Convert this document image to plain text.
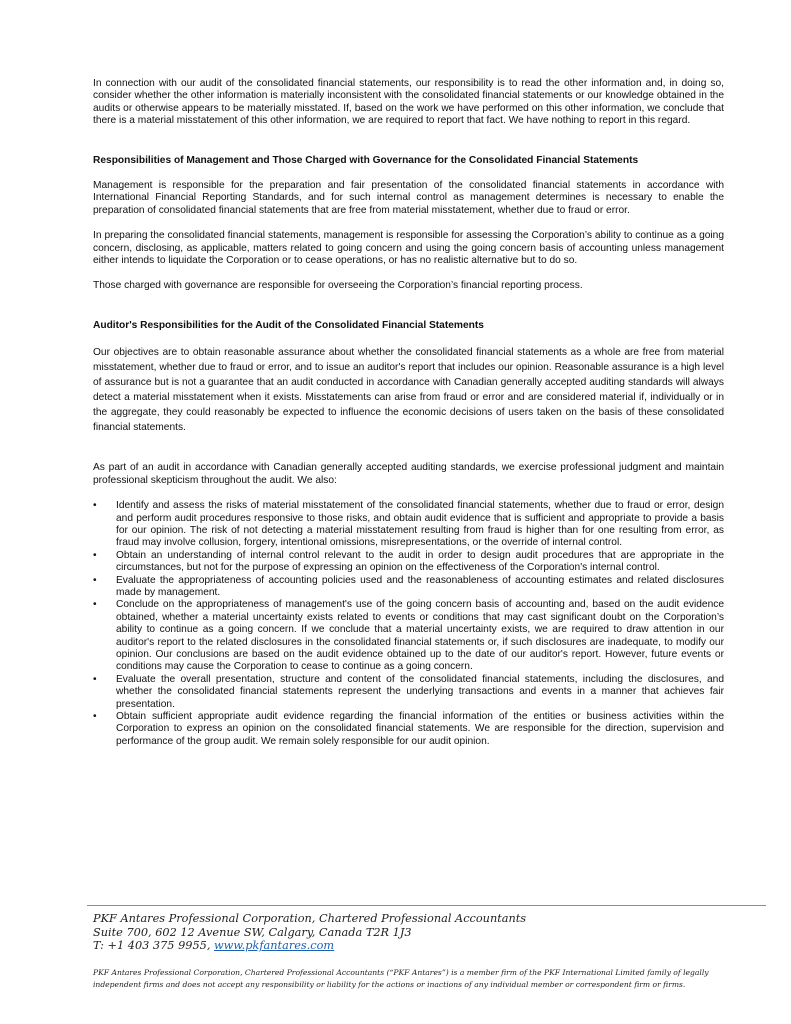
In connection with our audit of the consolidated financial statements, our responsibility is to read the other information and, in doing so, consider whether the other information is materially inconsistent with the consolidated financial statements or our knowledge obtained in the audits or otherwise appears to be materially misstated. If, based on the work we have performed on this other information, we conclude that there is a material misstatement of this other information, we are required to report that fact. We have nothing to report in this regard.

Responsibilities of Management and Those Charged with Governance for the Consolidated Financial Statements

Management is responsible for the preparation and fair presentation of the consolidated financial statements in accordance with International Financial Reporting Standards, and for such internal control as management determines is necessary to enable the preparation of consolidated financial statements that are free from material misstatement, whether due to fraud or error.

In preparing the consolidated financial statements, management is responsible for assessing the Corporation’s ability to continue as a going concern, disclosing, as applicable, matters related to going concern and using the going concern basis of accounting unless management either intends to liquidate the Corporation or to cease operations, or has no realistic alternative but to do so.

Those charged with governance are responsible for overseeing the Corporation’s financial reporting process.

Auditor's Responsibilities for the Audit of the Consolidated Financial Statements

Our objectives are to obtain reasonable assurance about whether the consolidated financial statements as a whole are free from material misstatement, whether due to fraud or error, and to issue an auditor's report that includes our opinion. Reasonable assurance is a high level of assurance but is not a guarantee that an audit conducted in accordance with Canadian generally accepted auditing standards will always detect a material misstatement when it exists. Misstatements can arise from fraud or error and are considered material if, individually or in the aggregate, they could reasonably be expected to influence the economic decisions of users taken on the basis of these consolidated financial statements.

As part of an audit in accordance with Canadian generally accepted auditing standards, we exercise professional judgment and maintain professional skepticism throughout the audit. We also:

• Identify and assess the risks of material misstatement of the consolidated financial statements, whether due to fraud or error, design and perform audit procedures responsive to those risks, and obtain audit evidence that is sufficient and appropriate to provide a basis for our opinion. The risk of not detecting a material misstatement resulting from fraud is higher than for one resulting from error, as fraud may involve collusion, forgery, intentional omissions, misrepresentations, or the override of internal control.
• Obtain an understanding of internal control relevant to the audit in order to design audit procedures that are appropriate in the circumstances, but not for the purpose of expressing an opinion on the effectiveness of the Corporation's internal control.
• Evaluate the appropriateness of accounting policies used and the reasonableness of accounting estimates and related disclosures made by management.
• Conclude on the appropriateness of management's use of the going concern basis of accounting and, based on the audit evidence obtained, whether a material uncertainty exists related to events or conditions that may cast significant doubt on the Corporation’s ability to continue as a going concern. If we conclude that a material uncertainty exists, we are required to draw attention in our auditor's report to the related disclosures in the consolidated financial statements or, if such disclosures are inadequate, to modify our opinion. Our conclusions are based on the audit evidence obtained up to the date of our auditor's report. However, future events or conditions may cause the Corporation to cease to continue as a going concern.
• Evaluate the overall presentation, structure and content of the consolidated financial statements, including the disclosures, and whether the consolidated financial statements represent the underlying transactions and events in a manner that achieves fair presentation.
• Obtain sufficient appropriate audit evidence regarding the financial information of the entities or business activities within the Corporation to express an opinion on the consolidated financial statements. We are responsible for the direction, supervision and performance of the group audit. We remain solely responsible for our audit opinion.
PKF Antares Professional Corporation, Chartered Professional Accountants
Suite 700, 602 12 Avenue SW, Calgary, Canada T2R 1J3
T: +1 403 375 9955, www.pkfantares.com
PKF Antares Professional Corporation, Chartered Professional Accountants (“PKF Antares”) is a member firm of the PKF International Limited family of legally independent firms and does not accept any responsibility or liability for the actions or inactions of any individual member or correspondent firm or firms.
